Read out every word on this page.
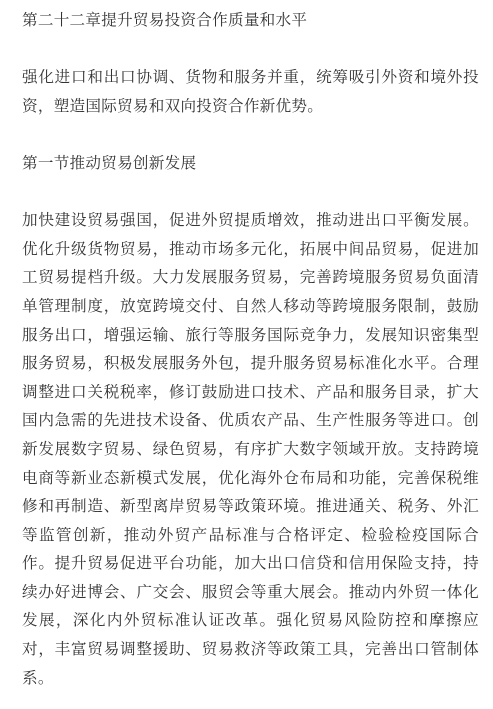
第二十二章提升贸易投资合作质量和水平

强化进口和出口协调、货物和服务并重，统筹吸引外资和境外投资，塑造国际贸易和双向投资合作新优势。

第一节推动贸易创新发展

加快建设贸易强国，促进外贸提质增效，推动进出口平衡发展。优化升级货物贸易，推动市场多元化，拓展中间品贸易，促进加工贸易提档升级。大力发展服务贸易，完善跨境服务贸易负面清单管理制度，放宽跨境交付、自然人移动等跨境服务限制，鼓励服务出口，增强运输、旅行等服务国际竞争力，发展知识密集型服务贸易，积极发展服务外包，提升服务贸易标准化水平。合理调整进口关税税率，修订鼓励进口技术、产品和服务目录，扩大国内急需的先进技术设备、优质农产品、生产性服务等进口。创新发展数字贸易、绿色贸易，有序扩大数字领域开放。支持跨境电商等新业态新模式发展，优化海外仓布局和功能，完善保税维修和再制造、新型离岸贸易等政策环境。推进通关、税务、外汇等监管创新，推动外贸产品标准与合格评定、检验检疫国际合作。提升贸易促进平台功能，加大出口信贷和信用保险支持，持续办好进博会、广交会、服贸会等重大展会。推动内外贸一体化发展，深化内外贸标准认证改革。强化贸易风险防控和摩擦应对，丰富贸易调整援助、贸易救济等政策工具，完善出口管制体系。
